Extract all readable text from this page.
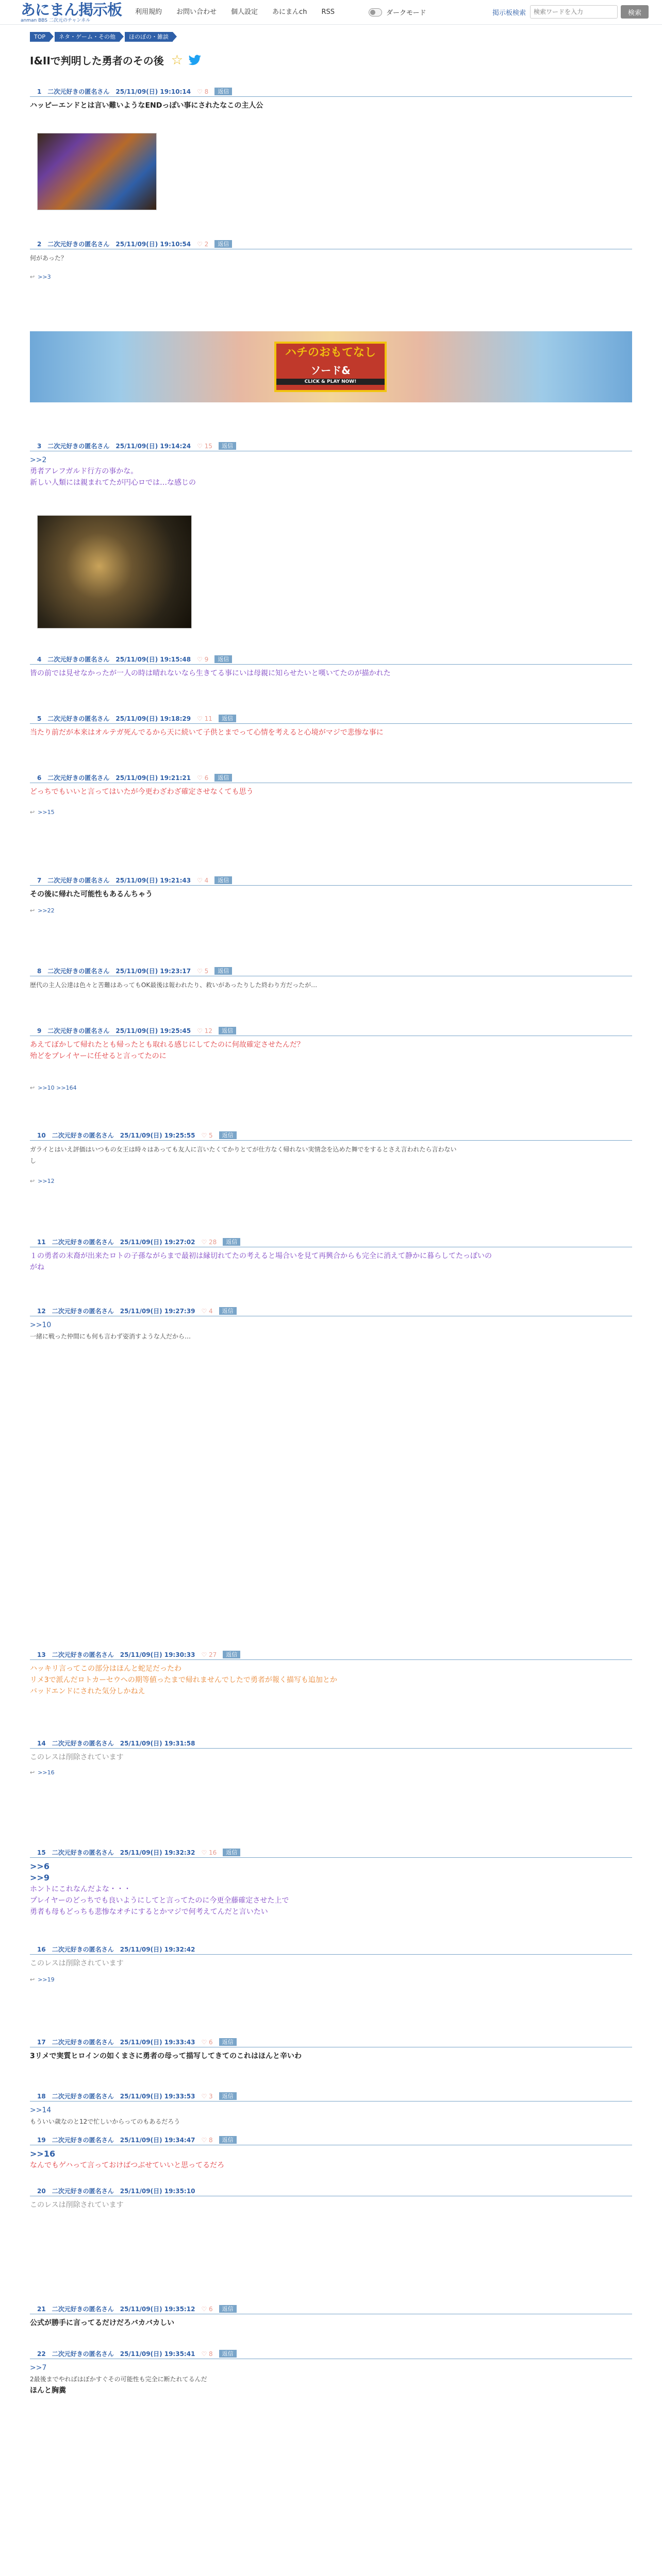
あにまん掲示板
anman BBS 二次元のチャンネル
利用規約 お問い合わせ 個人設定 あにまんch RSS	ダークモード	掲示板検索
検索ワードを入力	検索
TOP	ネタ・ゲーム・その他	ほのぼの・雑談
I&IIで判明した勇者のその後 ☆
ハチのおもてなし
ソード&
CLICK & PLAY NOW!
1 二次元好きの匿名さん 25/11/09(日) 19:10:14 ♡ 8	返信
ハッピーエンドとは言い難いようなENDっぽい事にされたなこの主人公
2 二次元好きの匿名さん 25/11/09(日) 19:10:54 ♡ 2	返信
何があった？
↩ >>3
3 二次元好きの匿名さん 25/11/09(日) 19:14:24 ♡ 15	返信
>>2
勇者アレフガルド行方の事かな。
新しい人類には親まれてたが円心ロでは…な感じの
4 二次元好きの匿名さん 25/11/09(日) 19:15:48 ♡ 9	返信
皆の前では見せなかったが一人の時は晴れないなら生きてる事にいは母親に知らせたいと嘆いてたのが描かれた
5 二次元好きの匿名さん 25/11/09(日) 19:18:29 ♡ 11	返信
当たり前だが本来はオルテガ死んでるから天に続いて子供とまでって心情を考えると心境がマジで悲惨な事に
6 二次元好きの匿名さん 25/11/09(日) 19:21:21 ♡ 6	返信
どっちでもいいと言ってはいたが今更わざわざ確定させなくても思う
↩ >>15
7 二次元好きの匿名さん 25/11/09(日) 19:21:43 ♡ 4	返信
その後に帰れた可能性もあるんちゃう
↩ >>22
8 二次元好きの匿名さん 25/11/09(日) 19:23:17 ♡ 5	返信
歴代の主人公達は色々と苦難はあってもOK最後は報われたり、救いがあったりした終わり方だったが…
9 二次元好きの匿名さん 25/11/09(日) 19:25:45 ♡ 12	返信
あえてぼかして帰れたとも帰ったとも取れる感じにしてたのに何故確定させたんだ？
殆どをプレイヤーに任せると言ってたのに
↩ >>10 >>164
10 二次元好きの匿名さん 25/11/09(日) 19:25:55 ♡ 5	返信
ガライとはいえ評価はいつもの女王は時々はあっても友人に言いたくてかりとてが仕方なく帰れない実情念を込めた舞でをするとさえ言われたら言わない
し
↩ >>12
11 二次元好きの匿名さん 25/11/09(日) 19:27:02 ♡ 28	返信
１の勇者の末裔が出来たロトの子孫ながらまで最初は縁切れてたの考えると場合いを見て再興合からも完全に消えて静かに暮らしてたっぽいの
がね
12 二次元好きの匿名さん 25/11/09(日) 19:27:39 ♡ 4	返信
>>10
一緒に戦った仲間にも何も言わず姿消すような人だから…
13 二次元好きの匿名さん 25/11/09(日) 19:30:33 ♡ 27	返信
ハッキリ言ってこの部分はほんと蛇足だったわ
リメ3で派んだロトカーセウへの期等値ったまで帰れませんでしたで勇者が報く描写も追加とか
バッドエンドにされた気分しかねえ
14 二次元好きの匿名さん 25/11/09(日) 19:31:58
このレスは削除されています
↩ >>16
15 二次元好きの匿名さん 25/11/09(日) 19:32:32 ♡ 16	返信
>>6
>>9
ホントにこれなんだよな・・・
プレイヤーのどっちでも良いようにしてと言ってたのに今更全藤確定させた上で
勇者も母もどっちも悲惨なオチにするとかマジで何考えてんだと言いたい
16 二次元好きの匿名さん 25/11/09(日) 19:32:42
このレスは削除されています
↩ >>19
17 二次元好きの匿名さん 25/11/09(日) 19:33:43 ♡ 6	返信
3リメで実質ヒロインの如くまさに勇者の母って描写してきてのこれはほんと辛いわ
18 二次元好きの匿名さん 25/11/09(日) 19:33:53 ♡ 3	返信
>>14
もういい歳なのと12で忙しいからってのもあるだろう
19 二次元好きの匿名さん 25/11/09(日) 19:34:47 ♡ 8	返信
>>16
なんでもゲハって言っておけばつぶせていいと思ってるだろ
20 二次元好きの匿名さん 25/11/09(日) 19:35:10
このレスは削除されています
21 二次元好きの匿名さん 25/11/09(日) 19:35:12 ♡ 6	返信
公式が勝手に言ってるだけだろバカバカしい
22 二次元好きの匿名さん 25/11/09(日) 19:35:41 ♡ 8	返信
>>7
2最後までやればはぼかすぐその可能性も完全に断たれてるんだ
ほんと胸糞
